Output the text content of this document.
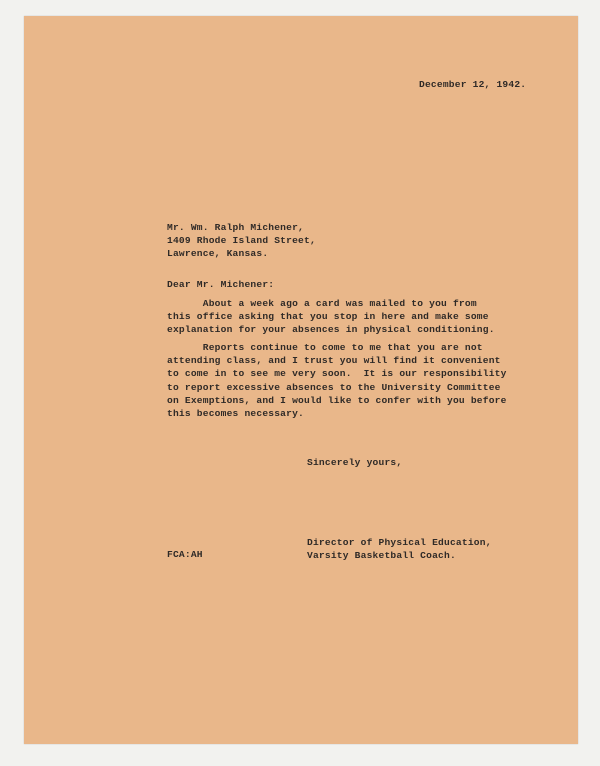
December 12, 1942.
Mr. Wm. Ralph Michener,
1409 Rhode Island Street,
Lawrence, Kansas.
Dear Mr. Michener:
About a week ago a card was mailed to you from
this office asking that you stop in here and make some
explanation for your absences in physical conditioning.
Reports continue to come to me that you are not
attending class, and I trust you will find it convenient
to come in to see me very soon.  It is our responsibility
to report excessive absences to the University Committee
on Exemptions, and I would like to confer with you before
this becomes necessary.
Sincerely yours,
Director of Physical Education,
Varsity Basketball Coach.
FCA:AH
